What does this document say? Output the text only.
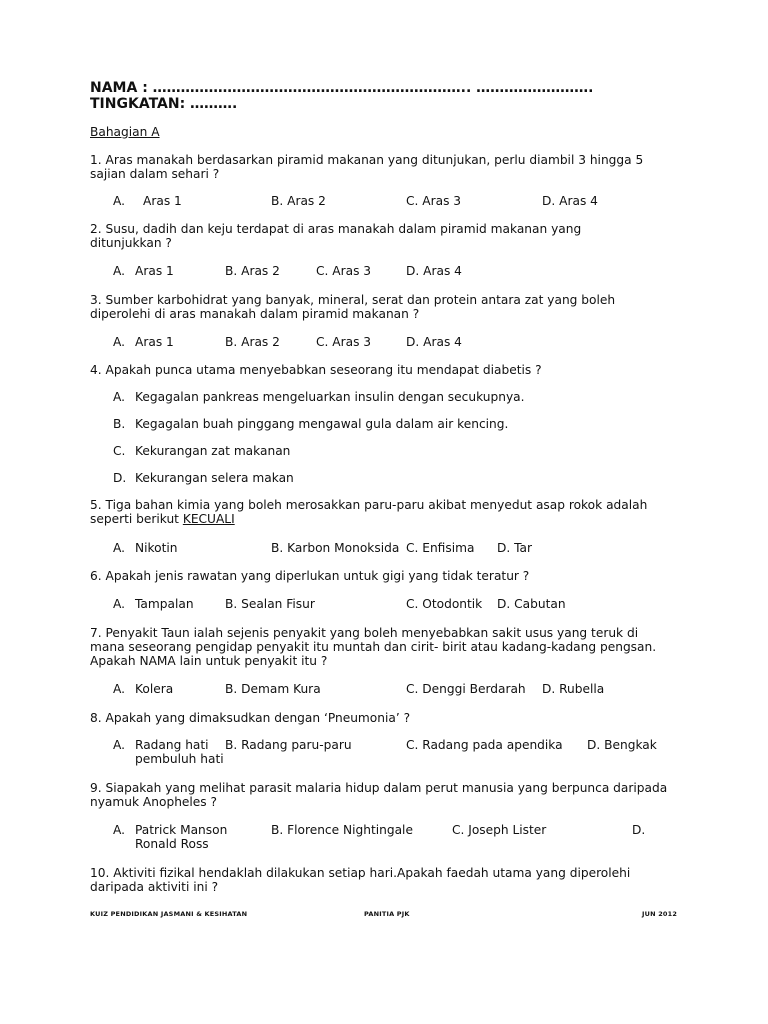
NAMA : ………………………………………………………….. …………………….
TINGKATAN: ……….
Bahagian A
1. Aras manakah berdasarkan piramid makanan yang ditunjukan, perlu diambil 3 hingga 5
sajian dalam sehari ?
A. Aras 1	B. Aras 2	C. Aras 3	D. Aras 4
2. Susu, dadih dan keju terdapat di aras manakah dalam piramid makanan yang
ditunjukkan ?
A. Aras 1	B. Aras 2	C. Aras 3	D. Aras 4
3. Sumber karbohidrat yang banyak, mineral, serat dan protein antara zat yang boleh
diperolehi di aras manakah dalam piramid makanan ?
A. Aras 1	B. Aras 2	C. Aras 3	D. Aras 4
4. Apakah punca utama menyebabkan seseorang itu mendapat diabetis ?
A. Kegagalan pankreas mengeluarkan insulin dengan secukupnya.
B. Kegagalan buah pinggang mengawal gula dalam air kencing.
C. Kekurangan zat makanan
D. Kekurangan selera makan
5. Tiga bahan kimia yang boleh merosakkan paru-paru akibat menyedut asap rokok adalah
seperti berikut KECUALI
A. Nikotin	B. Karbon Monoksida C. Enfisima D. Tar
6. Apakah jenis rawatan yang diperlukan untuk gigi yang tidak teratur ?
A. Tampalan	B. Sealan Fisur	C. Otodontik D. Cabutan
7. Penyakit Taun ialah sejenis penyakit yang boleh menyebabkan sakit usus yang teruk di
mana seseorang pengidap penyakit itu muntah dan cirit- birit atau kadang-kadang pengsan.
Apakah NAMA lain untuk penyakit itu ?
A. Kolera	B. Demam Kura	C. Denggi Berdarah D. Rubella
8. Apakah yang dimaksudkan dengan ‘Pneumonia’ ?
A. Radang hati B. Radang paru-paru	C. Radang pada apendika D. Bengkak
pembuluh hati
9. Siapakah yang melihat parasit malaria hidup dalam perut manusia yang berpunca daripada
nyamuk Anopheles ?
A. Patrick Manson	B. Florence Nightingale	C. Joseph Lister	D.
Ronald Ross
10. Aktiviti fizikal hendaklah dilakukan setiap hari.Apakah faedah utama yang diperolehi
daripada aktiviti ini ?
KUIZ PENDIDIKAN JASMANI & KESIHATAN	PANITIA PJK	JUN 2012
